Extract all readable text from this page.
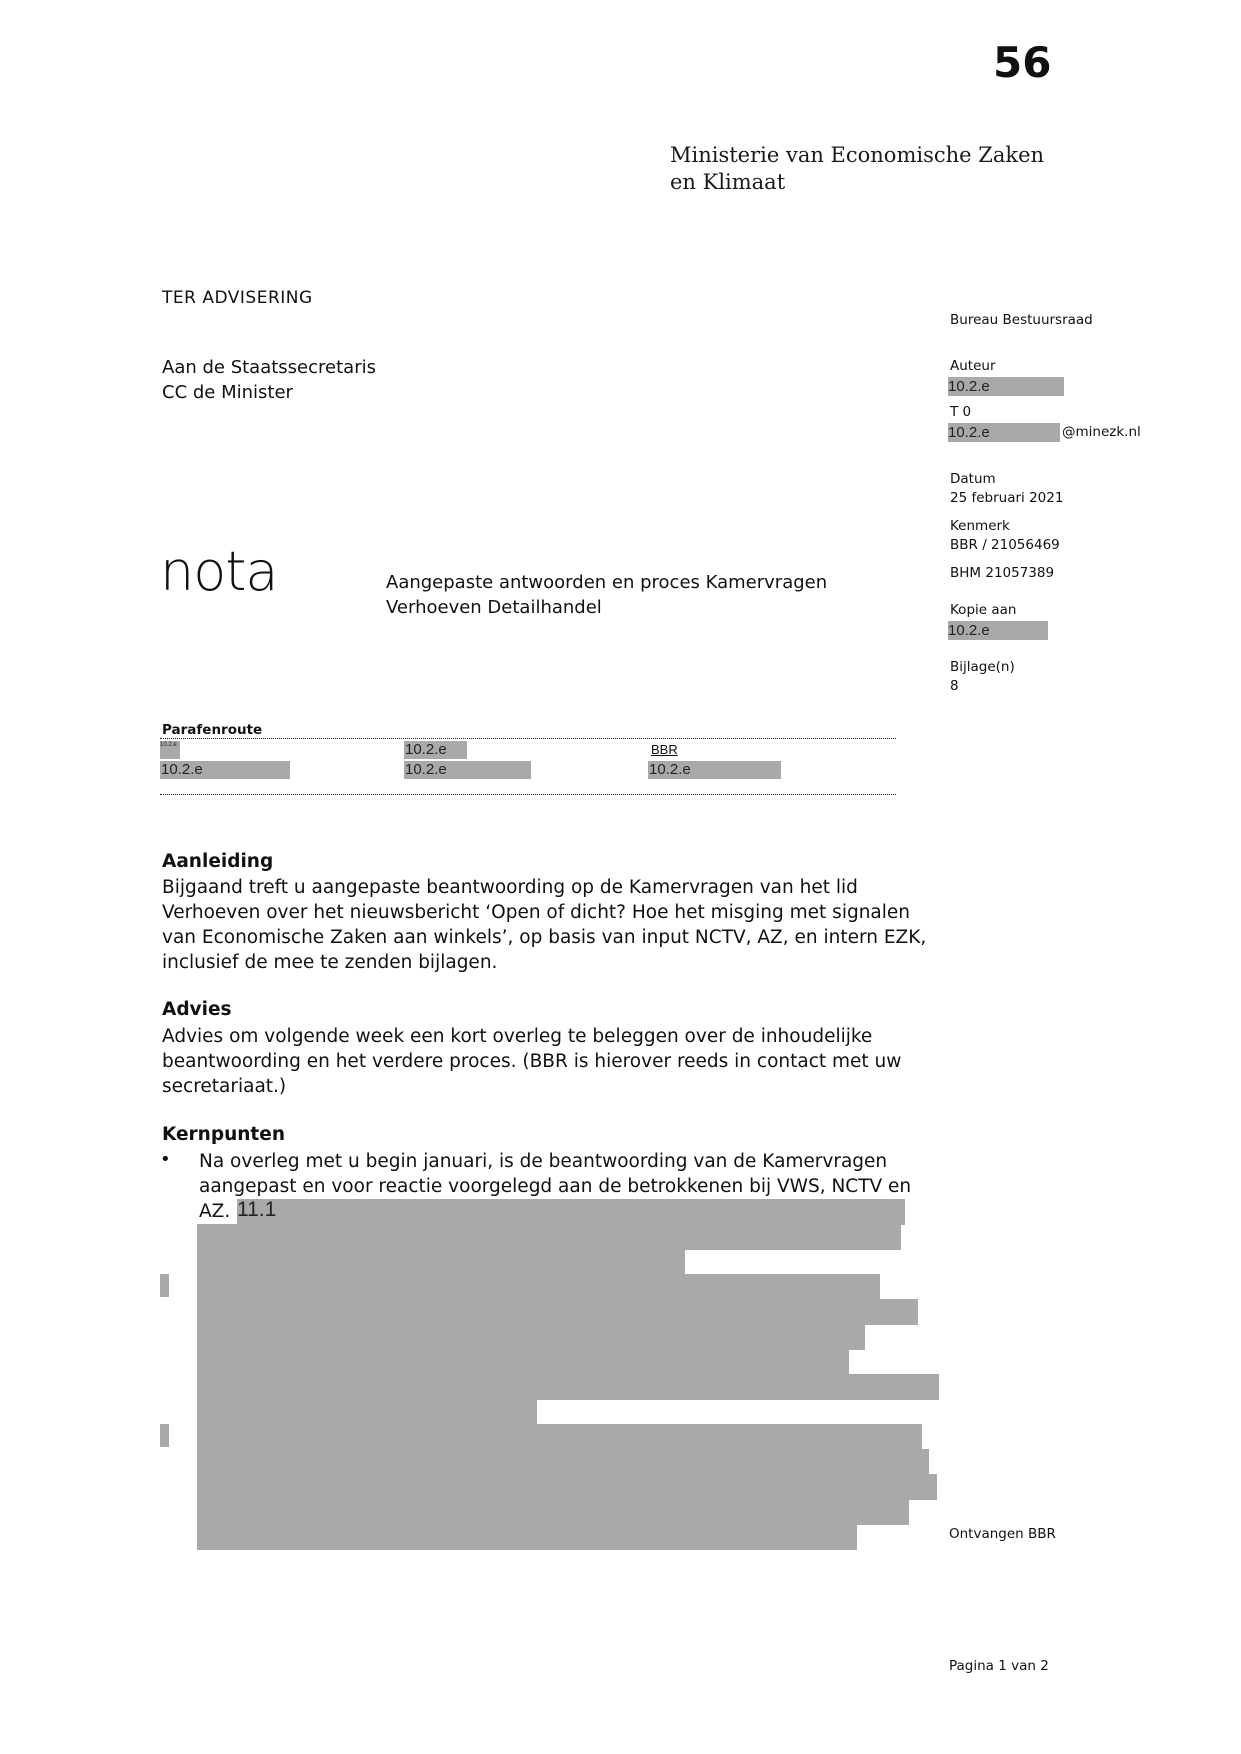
56
Ministerie van Economische Zaken
en Klimaat
TER ADVISERING
Aan de Staatssecretaris
CC de Minister
nota	Aangepaste antwoorden en proces Kamervragen
Verhoeven Detailhandel
Bureau Bestuursraad
Auteur
10.2.e
T 0
10.2.e	@minezk.nl
Datum
25 februari 2021
Kenmerk
BBR / 21056469
BHM 21057389
Kopie aan
10.2.e
Bijlage(n)
8
Parafenroute
10.2.e	10.2.e	BBR
10.2.e	10.2.e	10.2.e
Aanleiding
Bijgaand treft u aangepaste beantwoording op de Kamervragen van het lid
Verhoeven over het nieuwsbericht ‘Open of dicht? Hoe het misging met signalen
van Economische Zaken aan winkels’, op basis van input NCTV, AZ, en intern EZK,
inclusief de mee te zenden bijlagen.
Advies
Advies om volgende week een kort overleg te beleggen over de inhoudelijke
beantwoording en het verdere proces. (BBR is hierover reeds in contact met uw
secretariaat.)
Kernpunten
• Na overleg met u begin januari, is de beantwoording van de Kamervragen
aangepast en voor reactie voorgelegd aan de betrokkenen bij VWS, NCTV en
AZ. 11.1
Ontvangen BBR
Pagina 1 van 2
